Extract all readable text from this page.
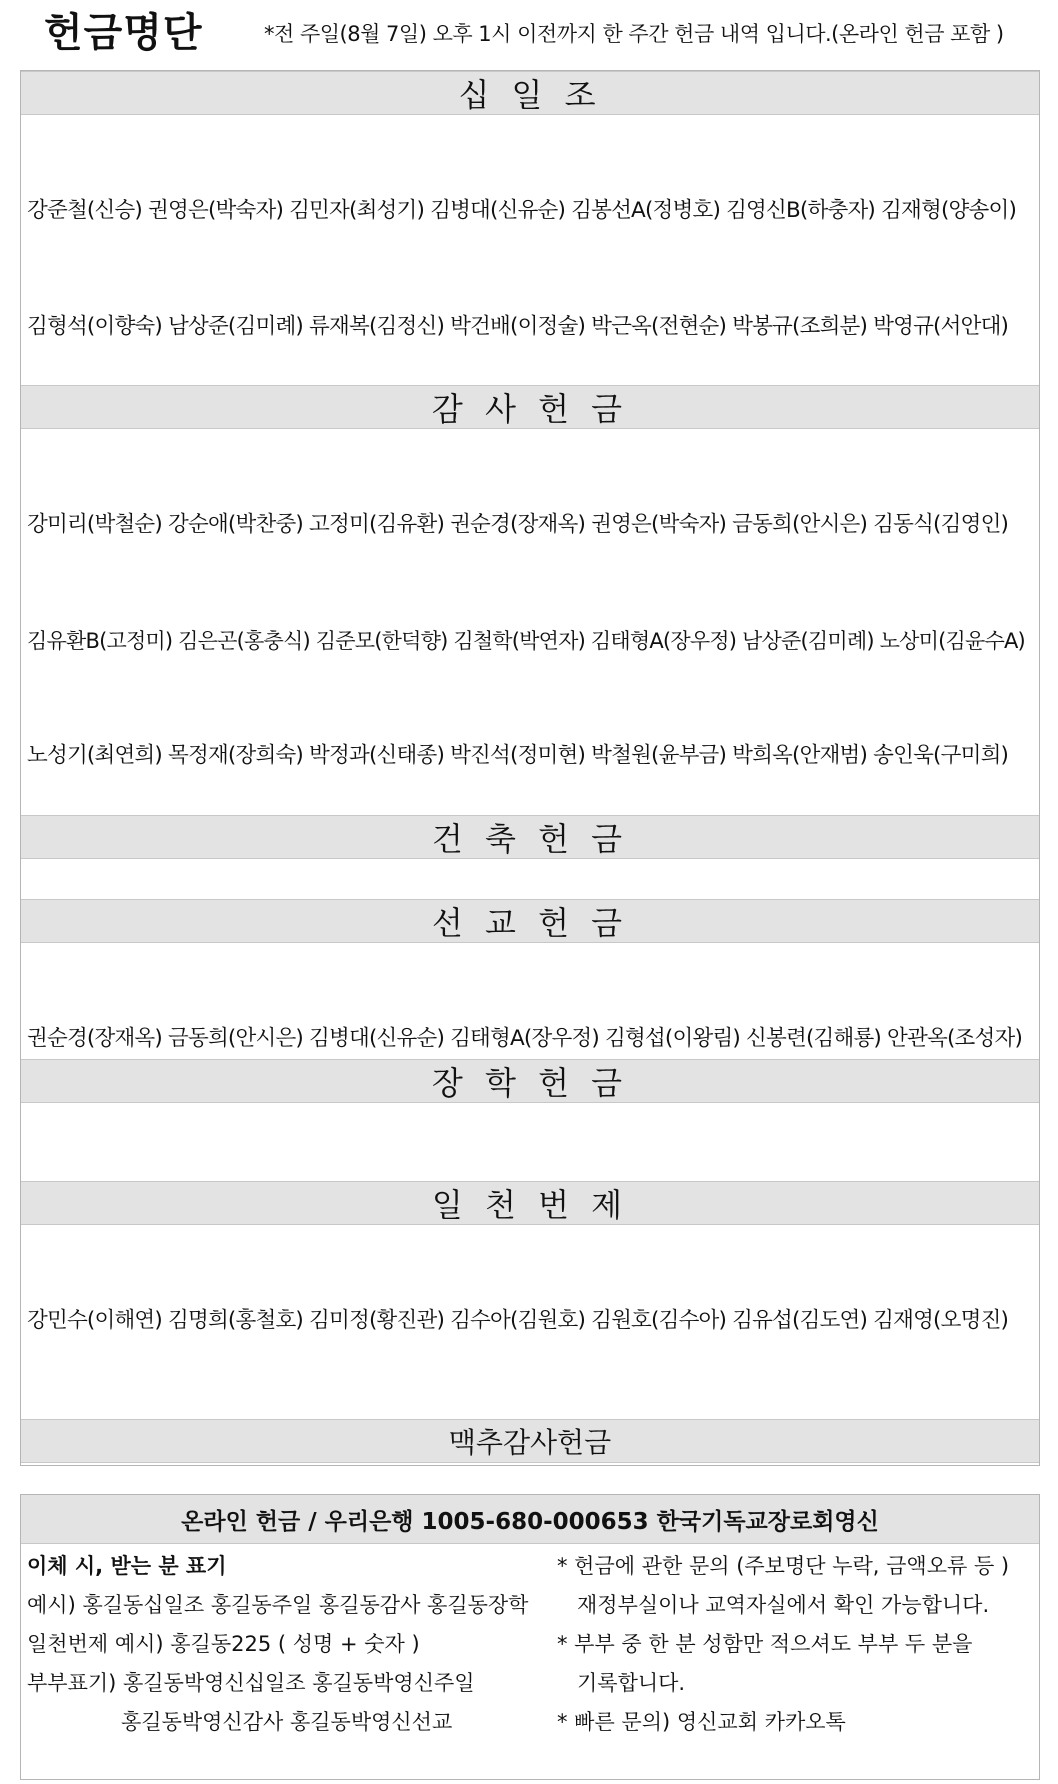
헌금명단	*전 주일(8월 7일) 오후 1시 이전까지 한 주간 헌금 내역 입니다.(온라인 헌금 포함 )
십 일 조

강준철(신승) 권영은(박숙자) 김민자(최성기) 김병대(신유순) 김봉선A(정병호) 김영신B(하충자) 김재형(양송이)

김형석(이향숙) 남상준(김미례) 류재복(김정신) 박건배(이정술) 박근옥(전현순) 박봉규(조희분) 박영규(서안대)

감 사 헌 금

강미리(박철순) 강순애(박찬중) 고정미(김유환) 권순경(장재옥) 권영은(박숙자) 금동희(안시은) 김동식(김영인)

김유환B(고정미) 김은곤(홍충식) 김준모(한덕향) 김철학(박연자) 김태형A(장우정) 남상준(김미례) 노상미(김윤수A)

노성기(최연희) 목정재(장희숙) 박정과(신태종) 박진석(정미현) 박철원(윤부금) 박희옥(안재범) 송인욱(구미희)

건 축 헌 금

선 교 헌 금

권순경(장재옥) 금동희(안시은) 김병대(신유순) 김태형A(장우정) 김형섭(이왕림) 신봉련(김해룡) 안관옥(조성자)

장 학 헌 금

일 천 번 제

강민수(이해연) 김명희(홍철호) 김미정(황진관) 김수아(김원호) 김원호(김수아) 김유섭(김도연) 김재영(오명진)

맥추감사헌금

온라인 헌금 / 우리은행 1005-680-000653 한국기독교장로회영신
이체 시, 받는 분 표기
예시) 홍길동십일조 홍길동주일 홍길동감사 홍길동장학
일천번제 예시) 홍길동225 ( 성명 + 숫자 )
부부표기) 홍길동박영신십일조 홍길동박영신주일
홍길동박영신감사 홍길동박영신선교
* 헌금에 관한 문의 (주보명단 누락, 금액오류 등 )
재정부실이나 교역자실에서 확인 가능합니다.
* 부부 중 한 분 성함만 적으셔도 부부 두 분을
기록합니다.
* 빠른 문의) 영신교회 카카오톡
